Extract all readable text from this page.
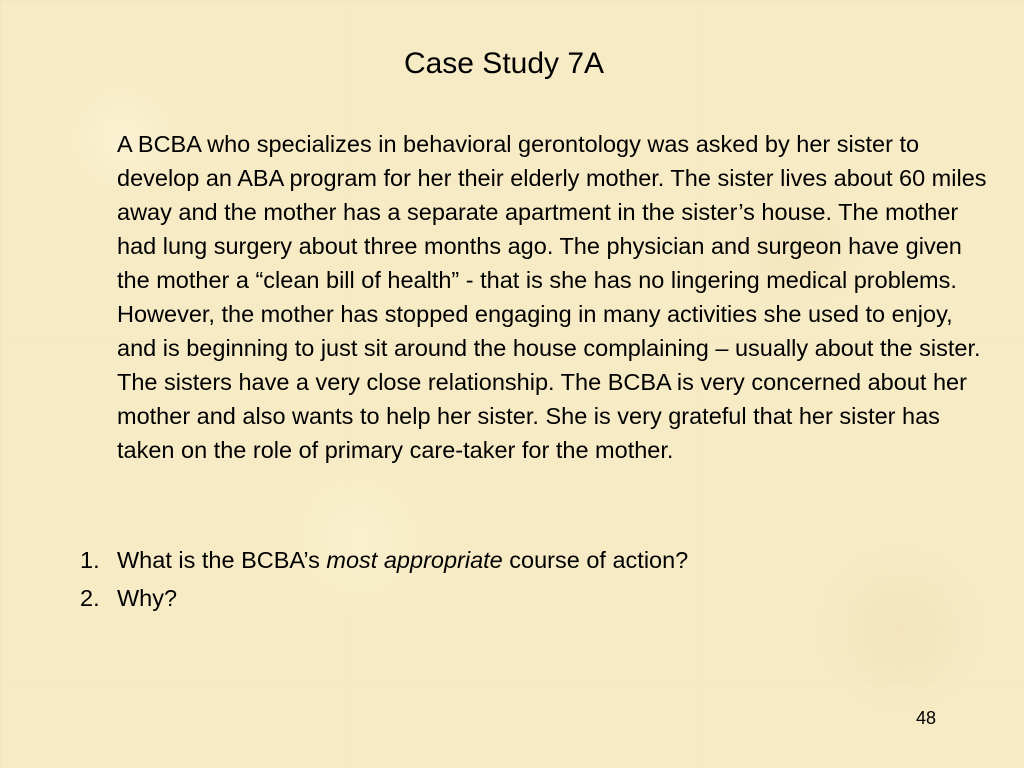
Case Study 7A

A BCBA who specializes in behavioral gerontology was asked by her sister to develop an ABA program for her their elderly mother. The sister lives about 60 miles away and the mother has a separate apartment in the sister’s house. The mother had lung surgery about three months ago. The physician and surgeon have given the mother a “clean bill of health” - that is she has no lingering medical problems. However, the mother has stopped engaging in many activities she used to enjoy, and is beginning to just sit around the house complaining – usually about the sister. The sisters have a very close relationship. The BCBA is very concerned about her mother and also wants to help her sister. She is very grateful that her sister has taken on the role of primary care-taker for the mother.

1. What is the BCBA’s most appropriate course of action?
2. Why?
48
